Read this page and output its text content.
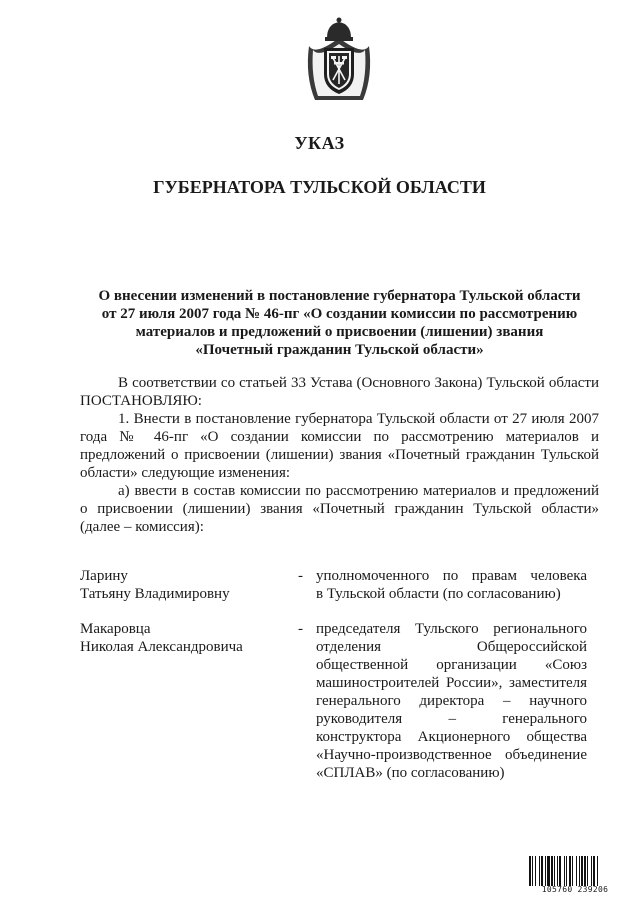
УКАЗ
ГУБЕРНАТОРА ТУЛЬСКОЙ ОБЛАСТИ
О внесении изменений в постановление губернатора Тульской области
от 27 июля 2007 года № 46-пг «О создании комиссии по рассмотрению
материалов и предложений о присвоении (лишении) звания
«Почетный гражданин Тульской области»

В соответствии со статьей 33 Устава (Основного Закона) Тульской области ПОСТАНОВЛЯЮ:

1. Внести в постановление губернатора Тульской области от 27 июля 2007 года № 46-пг «О создании комиссии по рассмотрению материалов и предложений о присвоении (лишении) звания «Почетный гражданин Тульской области» следующие изменения:

а) ввести в состав комиссии по рассмотрению материалов и предложений о присвоении (лишении) звания «Почетный гражданин Тульской области» (далее – комиссия):

Ларину
Татьяну Владимировну
- уполномоченного по правам человека
в Тульской области (по согласованию)
Макаровца
Николая Александровича
- председателя Тульского регионального
отделения Общероссийской
общественной организации «Союз
машиностроителей России», заместителя
генерального директора – научного
руководителя – генерального
конструктора Акционерного общества
«Научно-производственное объединение
«СПЛАВ» (по согласованию)
105760 239206
